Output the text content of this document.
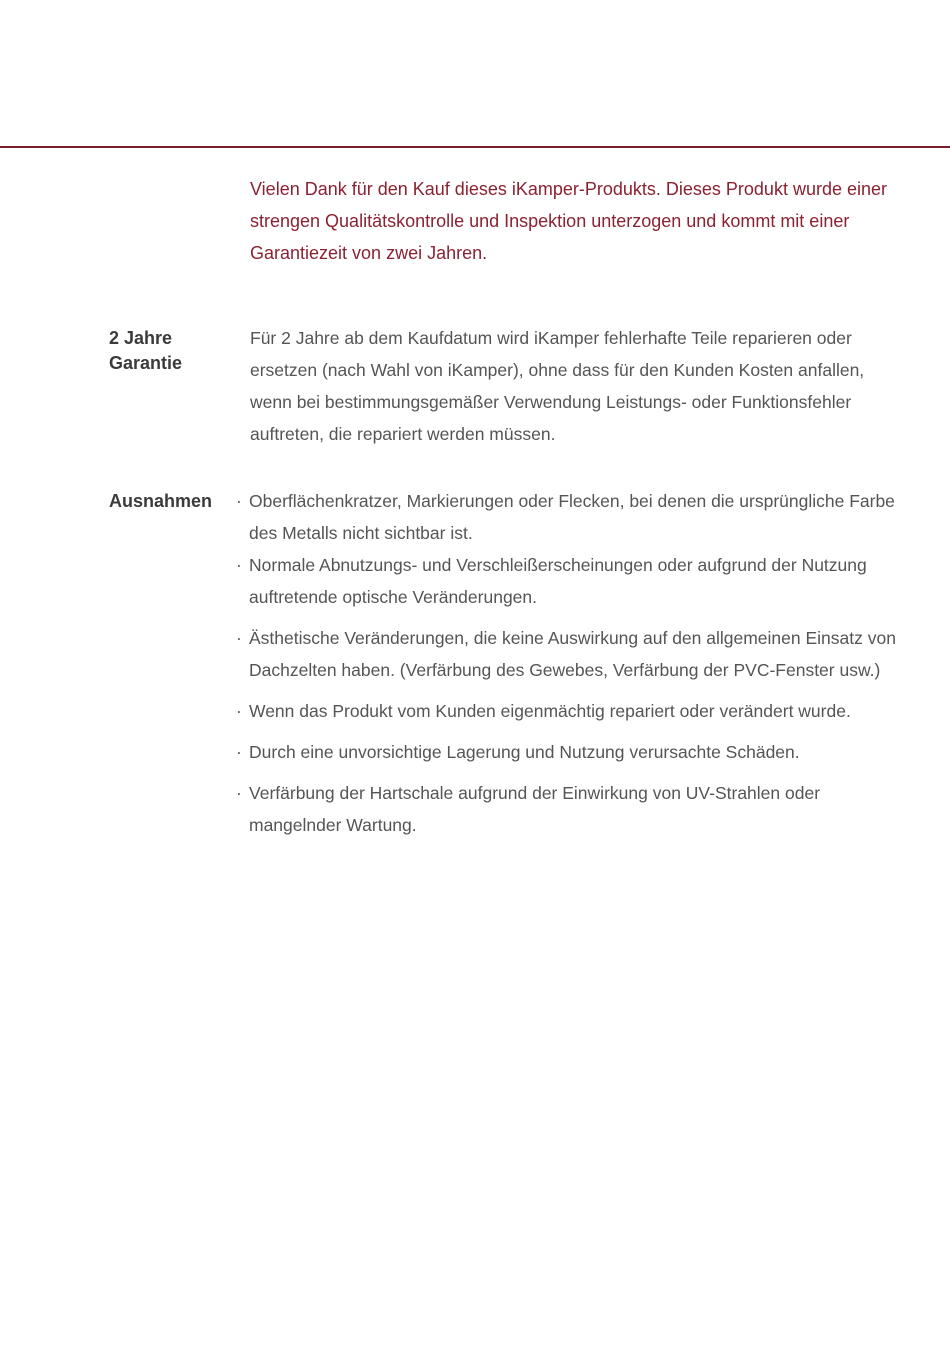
Vielen Dank für den Kauf dieses iKamper-Produkts. Dieses Produkt wurde einer strengen Qualitätskontrolle und Inspektion unterzogen und kommt mit einer Garantiezeit von zwei Jahren.

2 Jahre
Garantie

Für 2 Jahre ab dem Kaufdatum wird iKamper fehlerhafte Teile reparieren oder ersetzen (nach Wahl von iKamper), ohne dass für den Kunden Kosten anfallen, wenn bei bestimmungsgemäßer Verwendung Leistungs- oder Funktionsfehler auftreten, die repariert werden müssen.

Ausnahmen	· Oberflächenkratzer, Markierungen oder Flecken, bei denen die ursprüngliche Farbe des Metalls nicht sichtbar ist.
· Normale Abnutzungs- und Verschleißerscheinungen oder aufgrund der Nutzung auftretende optische Veränderungen.
· Ästhetische Veränderungen, die keine Auswirkung auf den allgemeinen Einsatz von Dachzelten haben. (Verfärbung des Gewebes, Verfärbung der PVC-Fenster usw.)
· Wenn das Produkt vom Kunden eigenmächtig repariert oder verändert wurde.
· Durch eine unvorsichtige Lagerung und Nutzung verursachte Schäden.
· Verfärbung der Hartschale aufgrund der Einwirkung von UV-Strahlen oder mangelnder Wartung.
